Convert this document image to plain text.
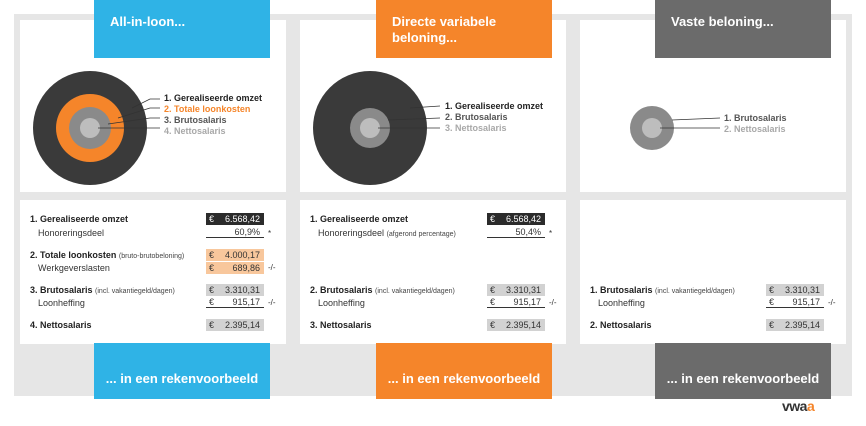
All-in-loon...	Directe variabele beloning...
Vaste beloning...
... in een rekenvoorbeeld	... in een rekenvoorbeeld	... in een rekenvoorbeeld
1. Gerealiseerde omzet
2. Totale loonkosten
3. Brutosalaris
4. Nettosalaris
1. Gerealiseerde omzet
2. Brutosalaris
3. Nettosalaris
1. Brutosalaris
2. Nettosalaris
1. Gerealiseerde omzet	€ 6.568,42
Honoreringsdeel	60,9% *
2. Totale loonkosten (bruto-brutobeloning)	€ 4.000,17
Werkgeverslasten	€ 689,86 -/-
3. Brutosalaris (incl. vakantiegeld/dagen)	€ 3.310,31
Loonheffing	€ 915,17 -/-
4. Nettosalaris	€ 2.395,14
1. Gerealiseerde omzet	€ 6.568,42
Honoreringsdeel (afgerond percentage)	50,4% *
2. Brutosalaris (incl. vakantiegeld/dagen)	€ 3.310,31
Loonheffing	€ 915,17 -/-
3. Nettosalaris	€ 2.395,14
1. Brutosalaris (incl. vakantiegeld/dagen)	€ 3.310,31
Loonheffing	€ 915,17 -/-
2. Nettosalaris	€ 2.395,14
vwaa
